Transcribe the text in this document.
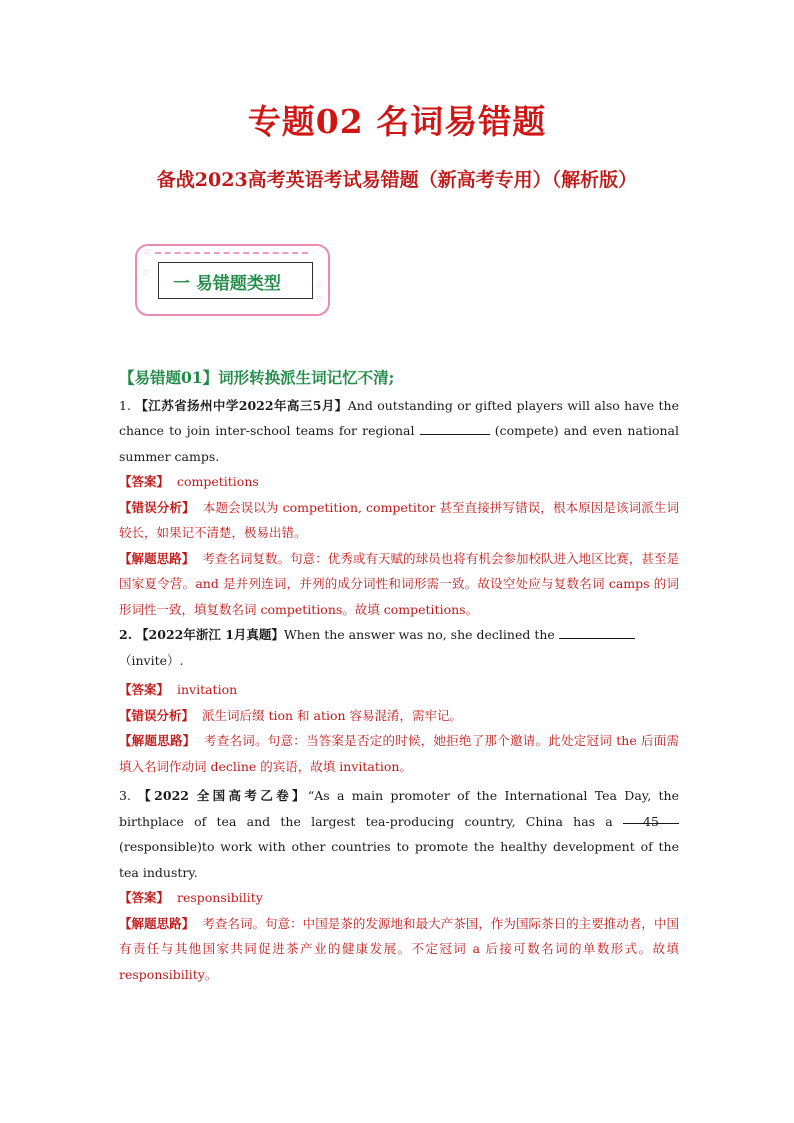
专题02 名词易错题
备战2023高考英语考试易错题（新高考专用）（解析版）
♡
♡
♡
♡
一 易错题类型
【易错题01】词形转换派生词记忆不清;
1. 【江苏省扬州中学2022年高三5月】And outstanding or gifted players will also have the chance to join inter-school teams for regional	(compete) and even national summer camps.
【答案】 competitions
【错误分析】 本题会误以为 competition, competitor 甚至直接拼写错误，根本原因是该词派生词较长，如果记不清楚，极易出错。
【解题思路】 考查名词复数。句意：优秀或有天赋的球员也将有机会参加校队进入地区比赛，甚至是国家夏令营。and 是并列连词，并列的成分词性和词形需一致。故设空处应与复数名词 camps 的词形词性一致，填复数名词 competitions。故填 competitions。
2. 【2022年浙江 1月真题】When the answer was no, she declined the
（invite）.
【答案】 invitation
【错误分析】 派生词后缀 tion 和 ation 容易混淆，需牢记。
【解题思路】 考查名词。句意：当答案是否定的时候，她拒绝了那个邀请。此处定冠词 the 后面需填入名词作动词 decline 的宾语，故填 invitation。
3. 【2022 全国高考乙卷】“As a main promoter of the International Tea Day, the birthplace of tea and the largest tea-producing country, China has a 45 (responsible)to work with other countries to promote the healthy development of the tea industry.
【答案】 responsibility
【解题思路】 考查名词。句意：中国是茶的发源地和最大产茶国，作为国际茶日的主要推动者，中国有责任与其他国家共同促进茶产业的健康发展。不定冠词 a 后接可数名词的单数形式。故填 responsibility。
